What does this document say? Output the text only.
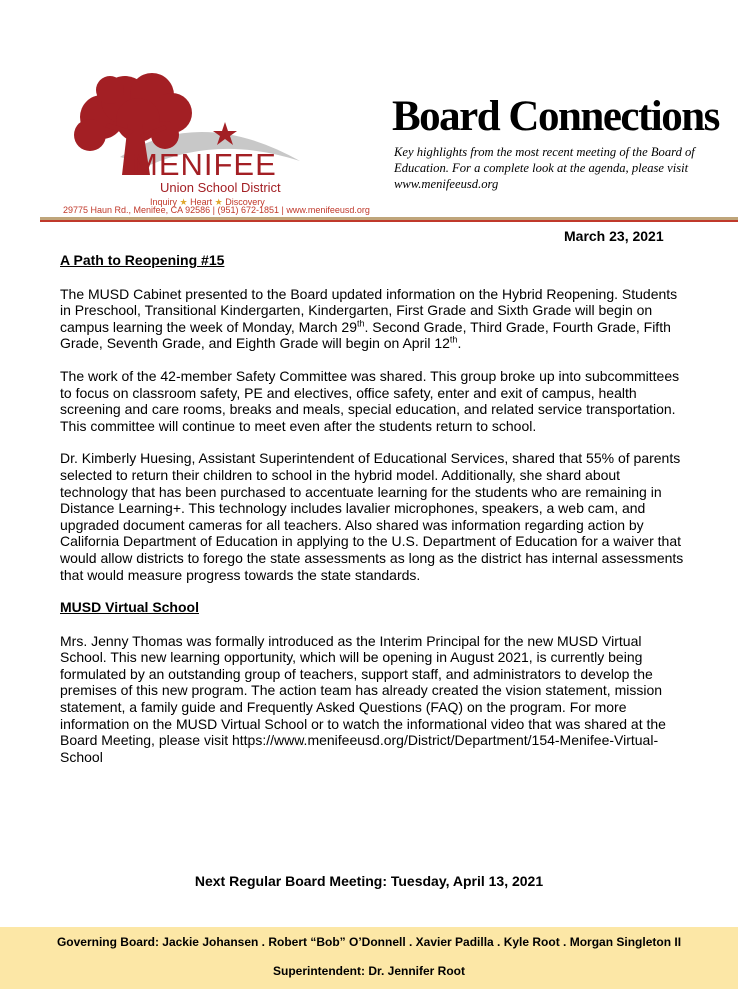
MENIFEE
Union School District
Inquiry ★ Heart ★ Discovery
29775 Haun Rd., Menifee, CA 92586 | (951) 672-1851 | www.menifeeusd.org
Board Connections
Key highlights from the most recent meeting of the Board of Education. For a complete look at the agenda, please visit www.menifeeusd.org
March 23, 2021
A Path to Reopening #15

The MUSD Cabinet presented to the Board updated information on the Hybrid Reopening. Students in Preschool, Transitional Kindergarten, Kindergarten, First Grade and Sixth Grade will begin on campus learning the week of Monday, March 29th. Second Grade, Third Grade, Fourth Grade, Fifth Grade, Seventh Grade, and Eighth Grade will begin on April 12th.

The work of the 42-member Safety Committee was shared. This group broke up into subcommittees to focus on classroom safety, PE and electives, office safety, enter and exit of campus, health screening and care rooms, breaks and meals, special education, and related service transportation. This committee will continue to meet even after the students return to school.

Dr. Kimberly Huesing, Assistant Superintendent of Educational Services, shared that 55% of parents selected to return their children to school in the hybrid model. Additionally, she shard about technology that has been purchased to accentuate learning for the students who are remaining in Distance Learning+. This technology includes lavalier microphones, speakers, a web cam, and upgraded document cameras for all teachers. Also shared was information regarding action by California Department of Education in applying to the U.S. Department of Education for a waiver that would allow districts to forego the state assessments as long as the district has internal assessments that would measure progress towards the state standards.

MUSD Virtual School

Mrs. Jenny Thomas was formally introduced as the Interim Principal for the new MUSD Virtual School. This new learning opportunity, which will be opening in August 2021, is currently being formulated by an outstanding group of teachers, support staff, and administrators to develop the premises of this new program. The action team has already created the vision statement, mission statement, a family guide and Frequently Asked Questions (FAQ) on the program. For more information on the MUSD Virtual School or to watch the informational video that was shared at the Board Meeting, please visit https://www.menifeeusd.org/District/Department/154-Menifee-Virtual-School

Next Regular Board Meeting: Tuesday, April 13, 2021
Governing Board: Jackie Johansen . Robert “Bob” O’Donnell . Xavier Padilla . Kyle Root . Morgan Singleton II
Superintendent: Dr. Jennifer Root
